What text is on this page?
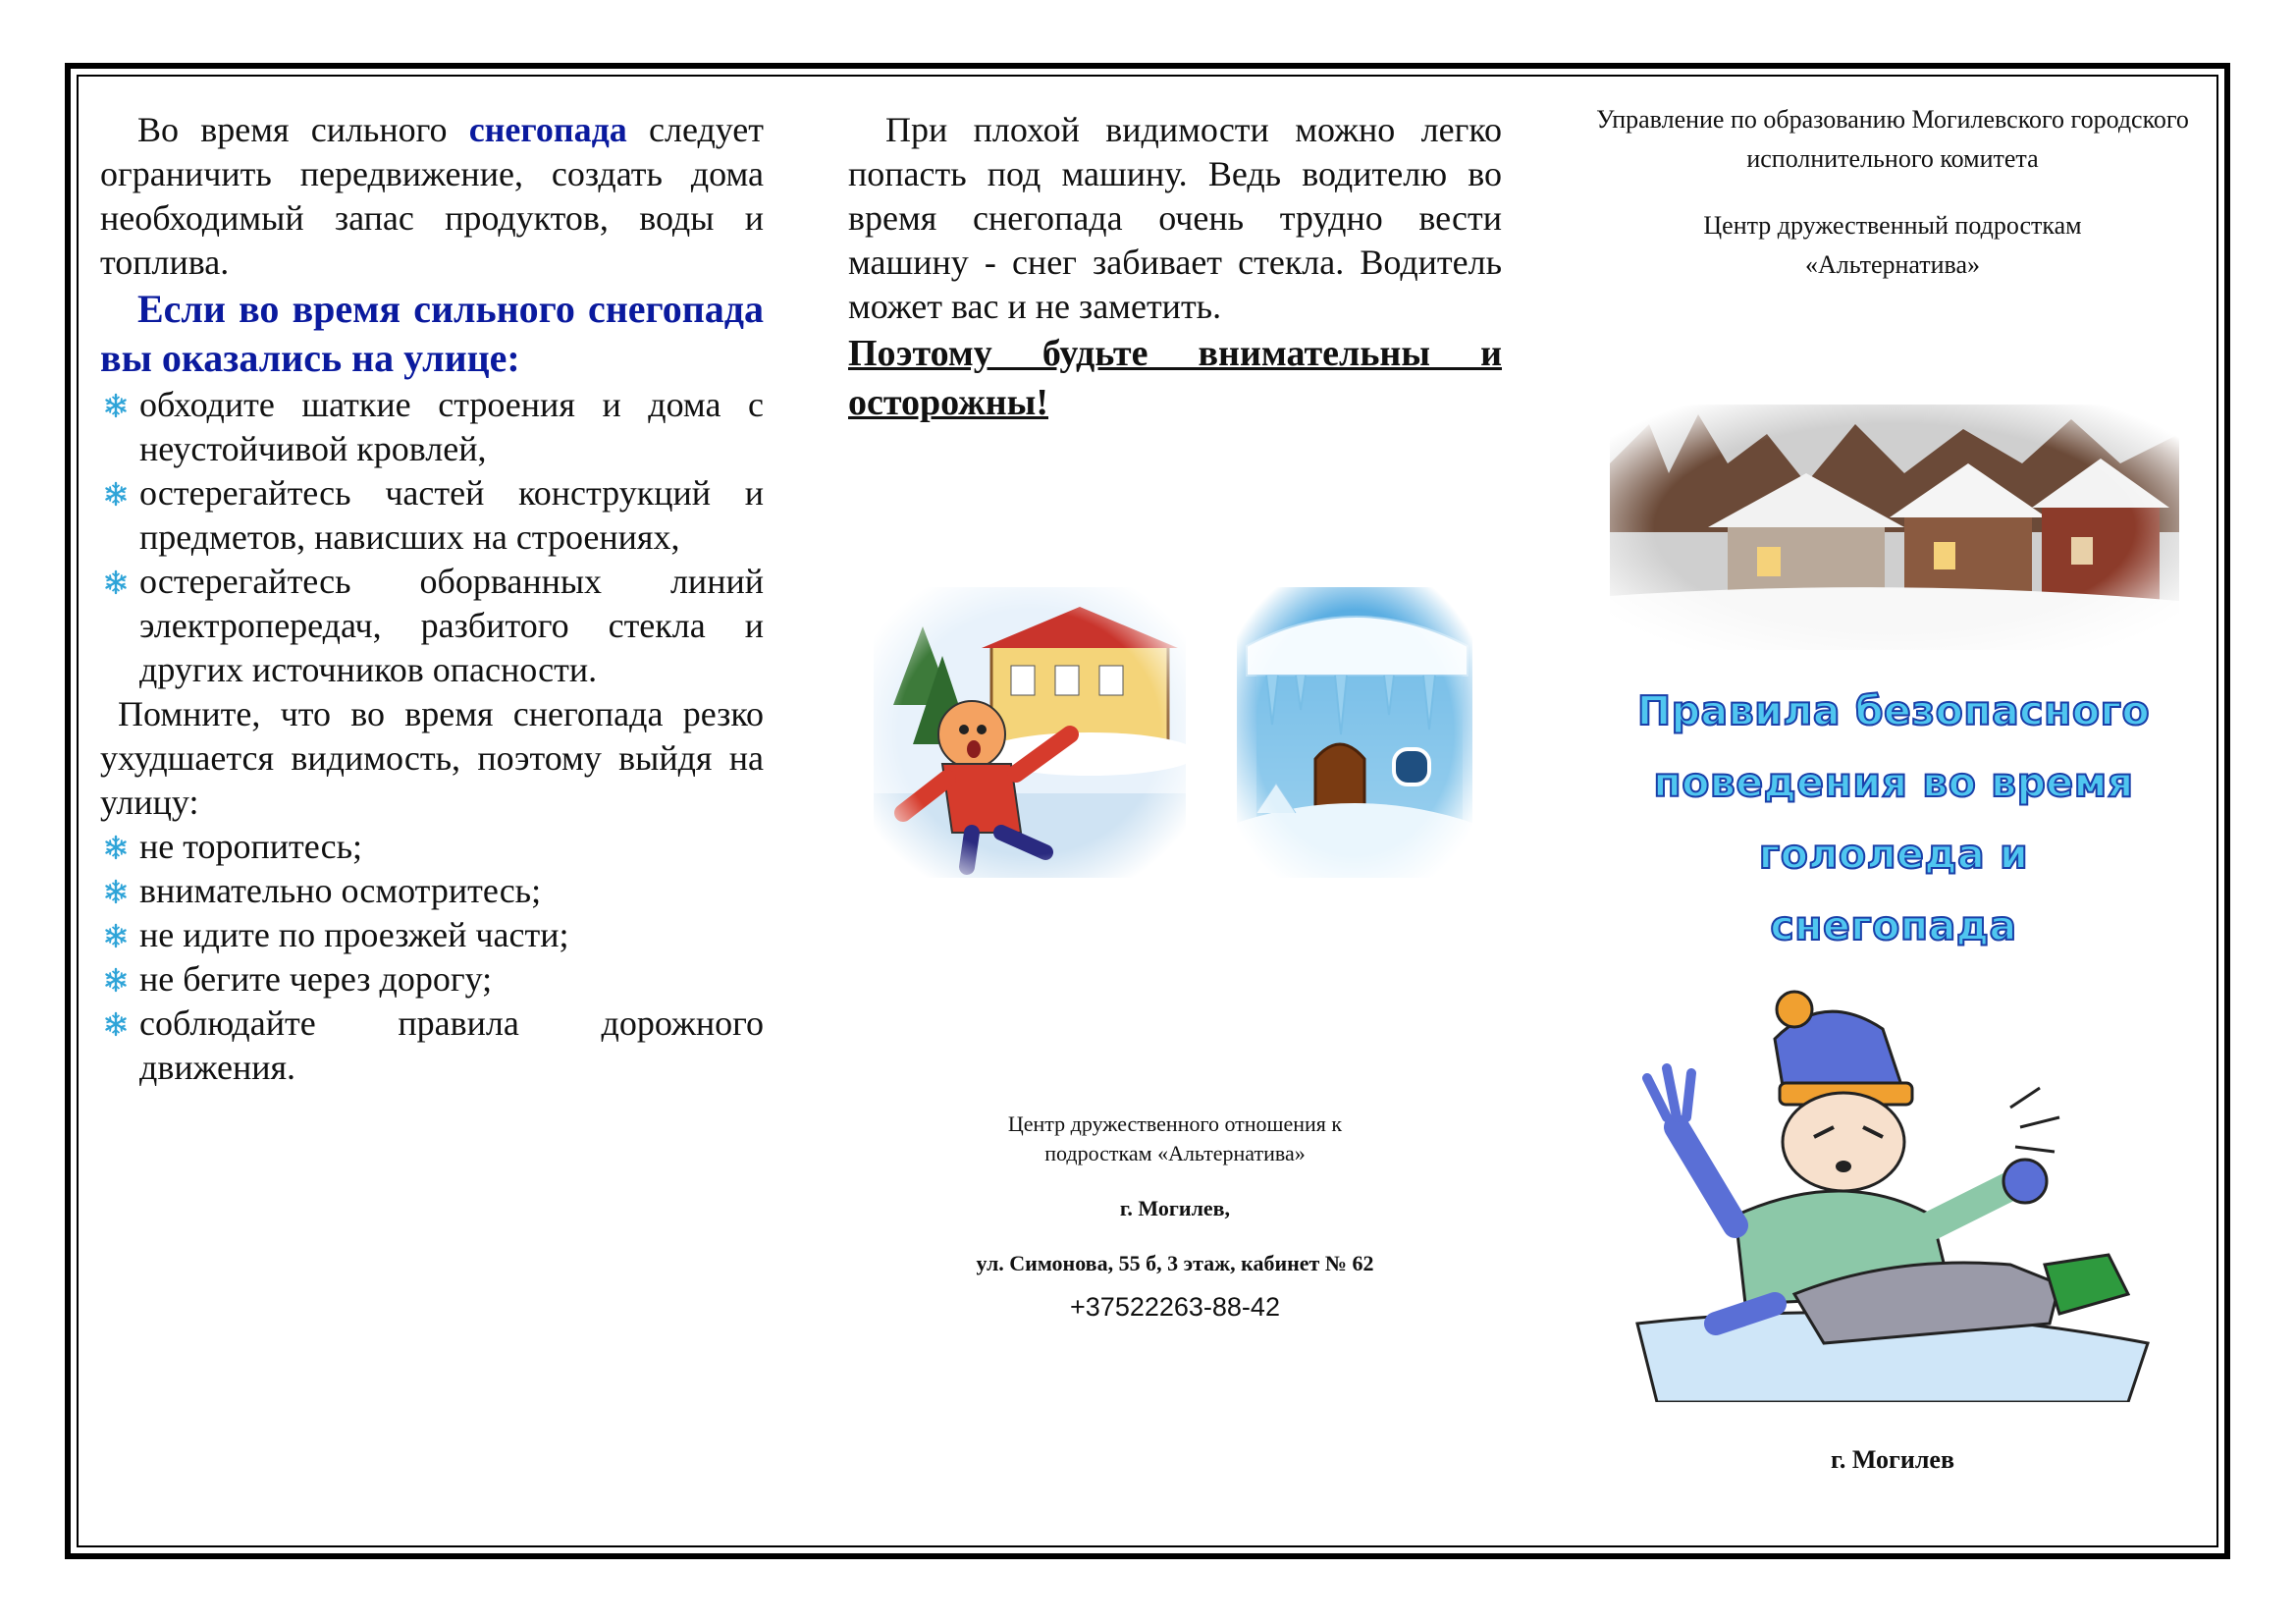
Во время сильного снегопада следует ограничить передвижение, создать дома необходимый запас продуктов, воды и топлива.

Если во время сильного снегопада вы оказались на улице:

обходите шаткие строения и дома с неустойчивой кровлей,
остерегайтесь частей конструкций и предметов, нависших на строениях,
остерегайтесь оборванных линий электропередач, разбитого стекла и других источников опасности.

Помните, что во время снегопада резко ухудшается видимость, поэтому выйдя на улицу:

не торопитесь;
внимательно осмотритесь;
не идите по проезжей части;
не бегите через дорогу;
соблюдайте правила дорожного движения.

При плохой видимости можно легко попасть под машину. Ведь водителю во время снегопада очень трудно вести машину - снег забивает стекла. Водитель может вас и не заметить.

Поэтому будьте внимательны и осторожны!

Центр дружественного отношения к подросткам «Альтернатива»
г. Могилев,
ул. Симонова, 55 б, 3 этаж, кабинет № 62
+37522263-88-42

Управление по образованию Могилевского городского исполнительного комитета

Центр дружественный подросткам «Альтернатива»

Правила безопасного
поведения во время
гололеда и
снегопада
г. Могилев
